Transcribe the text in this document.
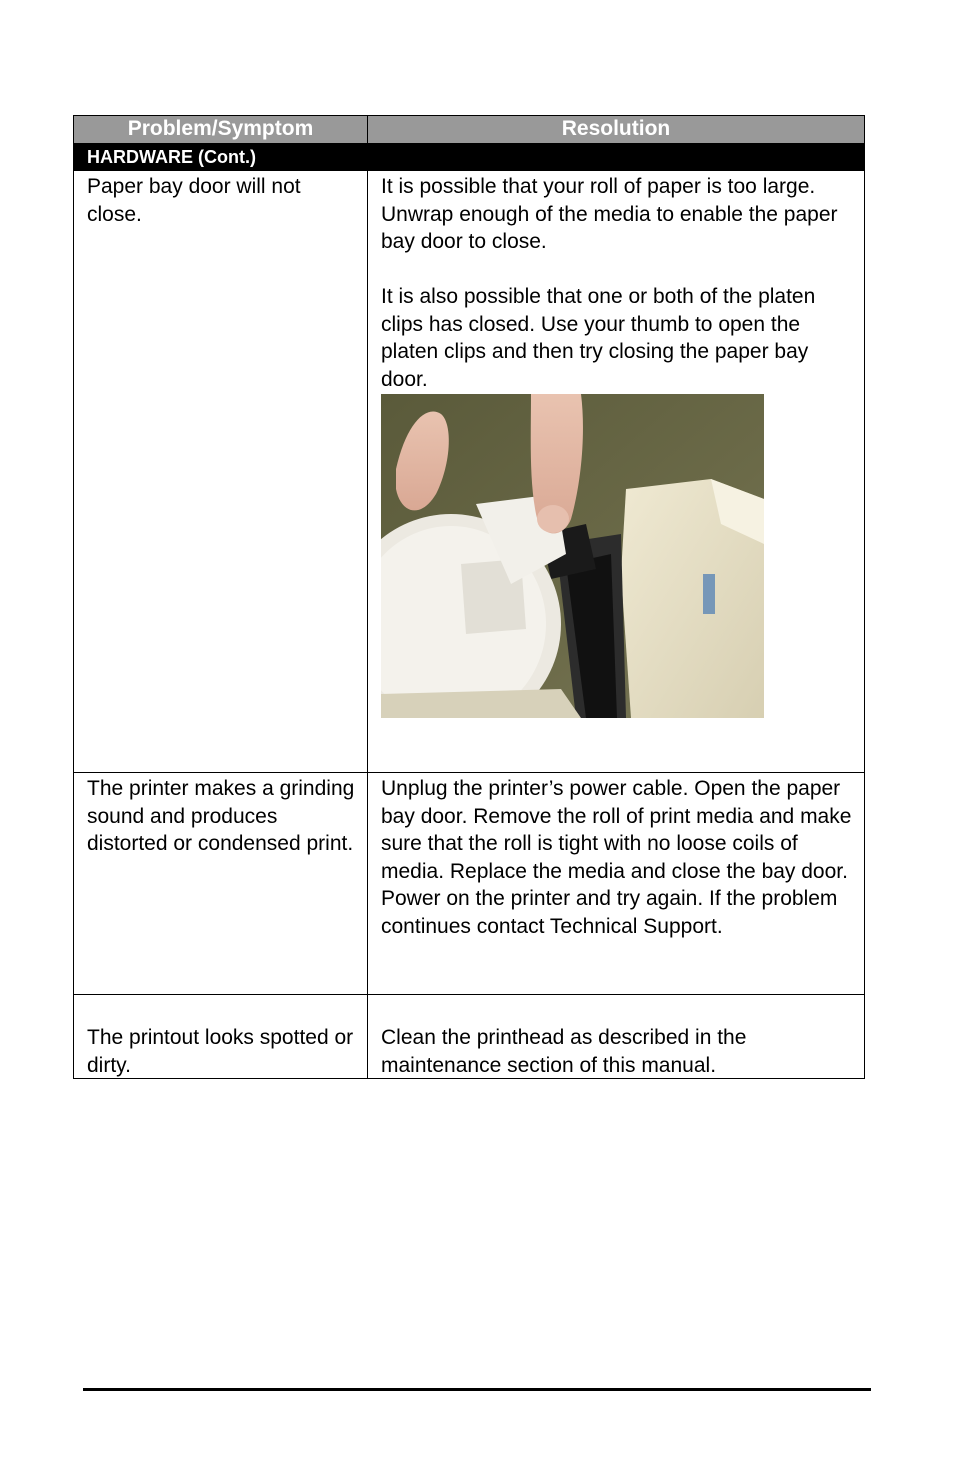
Problem/Symptom	Resolution
HARDWARE (Cont.)

Paper bay door will not close.

It is possible that your roll of paper is too large. Unwrap enough of the media to enable the paper bay door to close.

It is also possible that one or both of the platen clips has closed. Use your thumb to open the platen clips and then try closing the paper bay door.

The printer makes a grinding sound and produces distorted or condensed print.

Unplug the printer’s power cable. Open the paper bay door. Remove the roll of print media and make sure that the roll is tight with no loose coils of media. Replace the media and close the bay door. Power on the printer and try again. If the problem continues contact Technical Support.

The printout looks spotted or dirty.

Clean the printhead as described in the maintenance section of this manual.
